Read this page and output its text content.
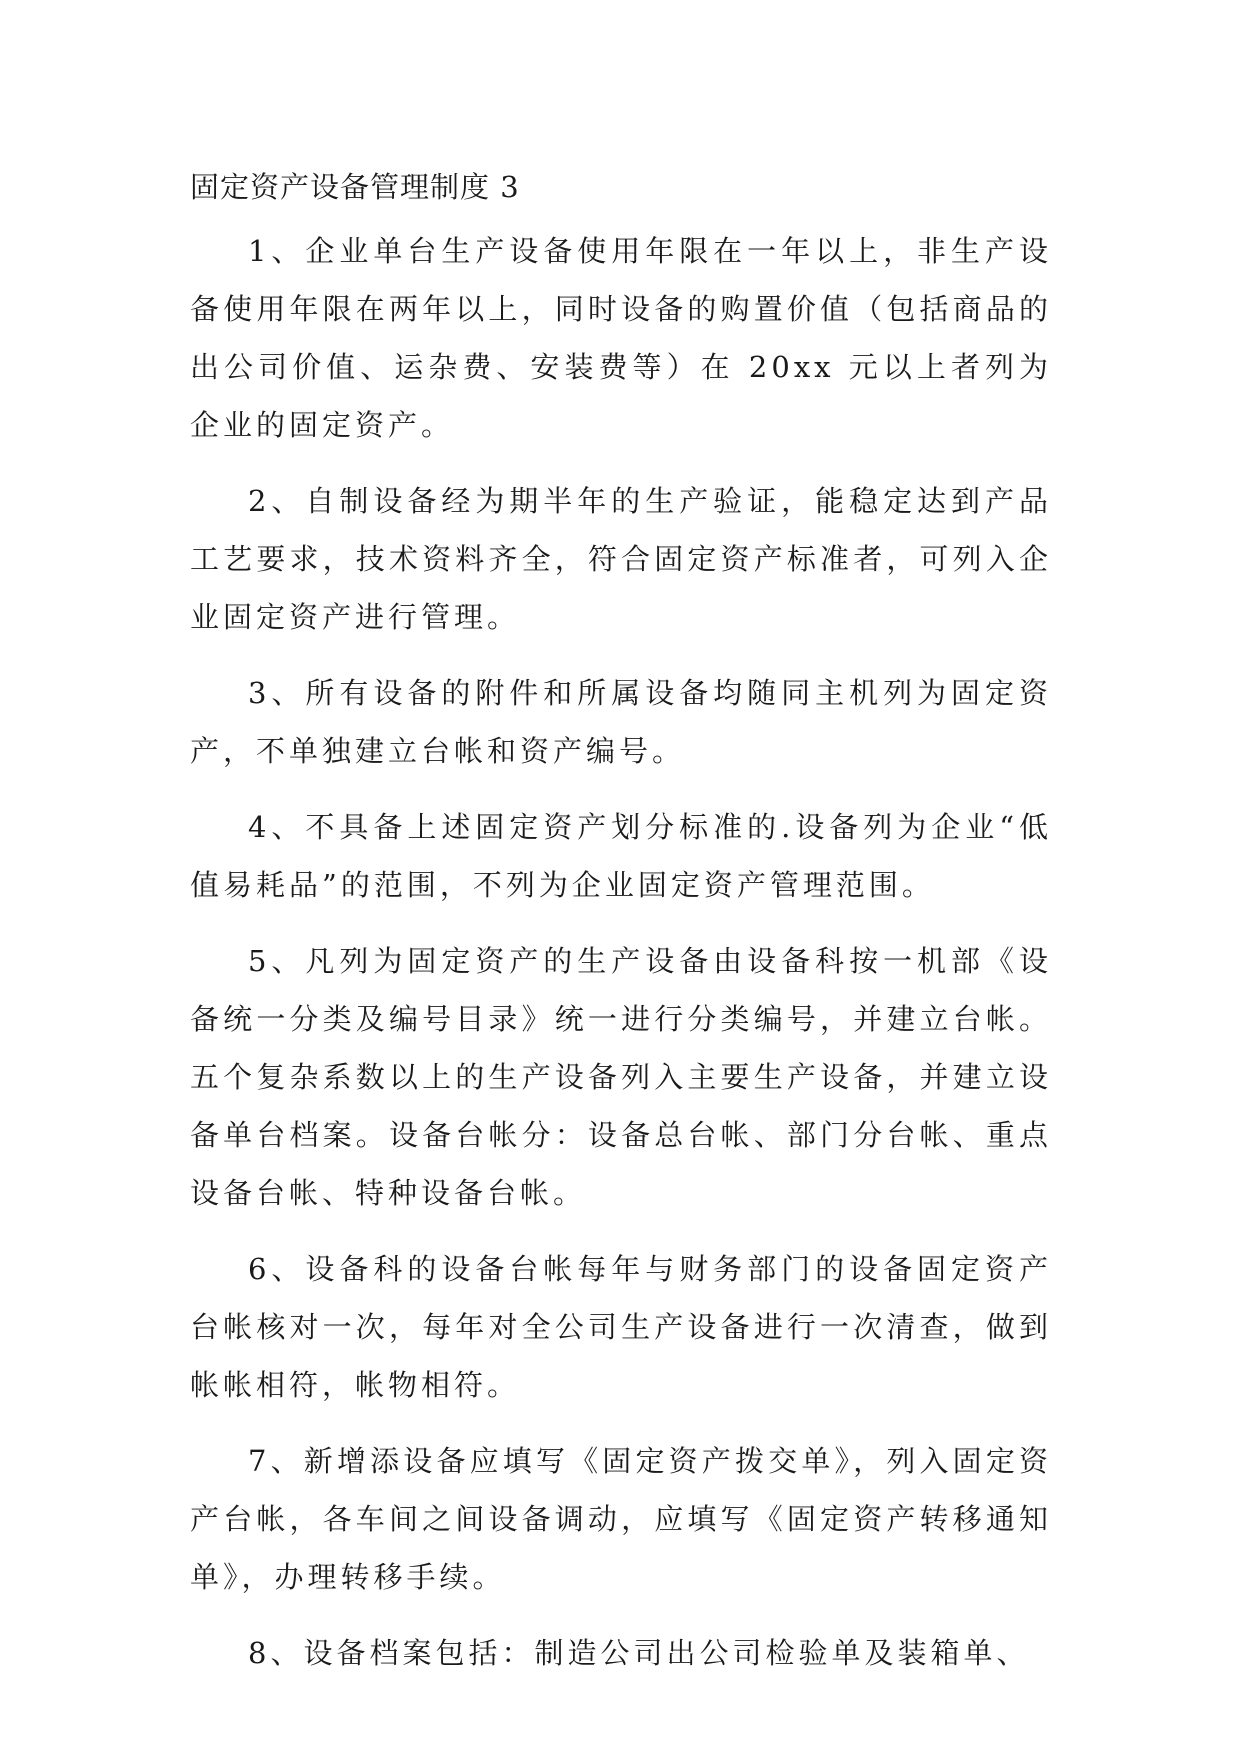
固定资产设备管理制度 3

1、企业单台生产设备使用年限在一年以上，非生产设备使用年限在两年以上，同时设备的购置价值（包括商品的出公司价值、运杂费、安装费等）在 20xx 元以上者列为企业的固定资产。

2、自制设备经为期半年的生产验证，能稳定达到产品工艺要求，技术资料齐全，符合固定资产标准者，可列入企业固定资产进行管理。

3、所有设备的附件和所属设备均随同主机列为固定资产，不单独建立台帐和资产编号。

4、不具备上述固定资产划分标准的.设备列为企业“低值易耗品”的范围，不列为企业固定资产管理范围。

5、凡列为固定资产的生产设备由设备科按一机部《设备统一分类及编号目录》统一进行分类编号，并建立台帐。五个复杂系数以上的生产设备列入主要生产设备，并建立设备单台档案。设备台帐分：设备总台帐、部门分台帐、重点设备台帐、特种设备台帐。

6、设备科的设备台帐每年与财务部门的设备固定资产台帐核对一次，每年对全公司生产设备进行一次清查，做到帐帐相符，帐物相符。

7、新增添设备应填写《固定资产拨交单》，列入固定资产台帐，各车间之间设备调动，应填写《固定资产转移通知单》，办理转移手续。

8、设备档案包括：制造公司出公司检验单及装箱单、
